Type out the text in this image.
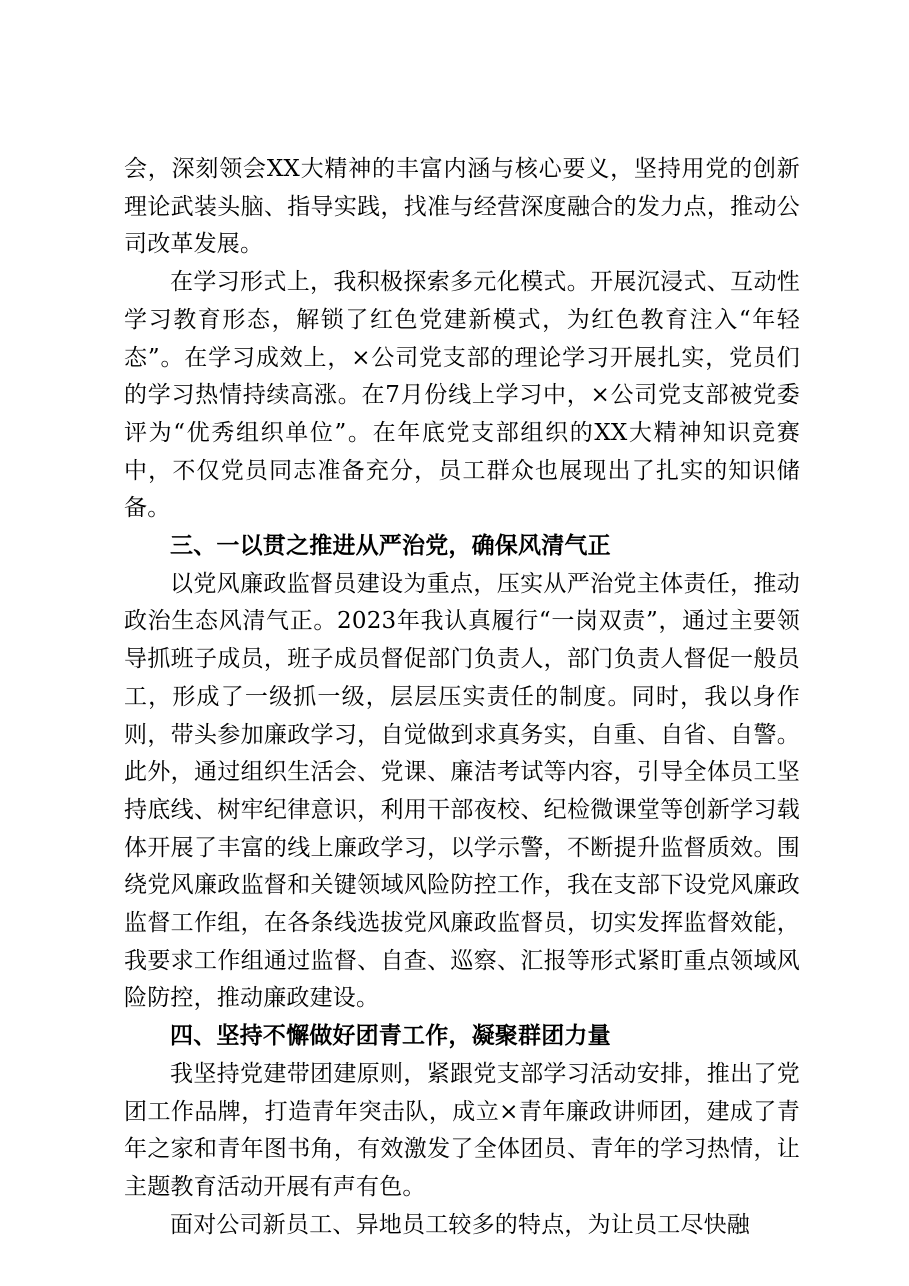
会，深刻领会XX大精神的丰富内涵与核心要义，坚持用党的创新理论武装头脑、指导实践，找准与经营深度融合的发力点，推动公司改革发展。

在学习形式上，我积极探索多元化模式。开展沉浸式、互动性学习教育形态，解锁了红色党建新模式，为红色教育注入“年轻态”。在学习成效上，×公司党支部的理论学习开展扎实，党员们的学习热情持续高涨。在7月份线上学习中，×公司党支部被党委评为“优秀组织单位”。在年底党支部组织的XX大精神知识竞赛中，不仅党员同志准备充分，员工群众也展现出了扎实的知识储备。

三、一以贯之推进从严治党，确保风清气正

以党风廉政监督员建设为重点，压实从严治党主体责任，推动政治生态风清气正。2023年我认真履行“一岗双责”，通过主要领导抓班子成员，班子成员督促部门负责人，部门负责人督促一般员工，形成了一级抓一级，层层压实责任的制度。同时，我以身作则，带头参加廉政学习，自觉做到求真务实，自重、自省、自警。此外，通过组织生活会、党课、廉洁考试等内容，引导全体员工坚持底线、树牢纪律意识，利用干部夜校、纪检微课堂等创新学习载体开展了丰富的线上廉政学习，以学示警，不断提升监督质效。围绕党风廉政监督和关键领域风险防控工作，我在支部下设党风廉政监督工作组，在各条线选拔党风廉政监督员，切实发挥监督效能，我要求工作组通过监督、自查、巡察、汇报等形式紧盯重点领域风险防控，推动廉政建设。

四、坚持不懈做好团青工作，凝聚群团力量

我坚持党建带团建原则，紧跟党支部学习活动安排，推出了党团工作品牌，打造青年突击队，成立×青年廉政讲师团，建成了青年之家和青年图书角，有效激发了全体团员、青年的学习热情，让主题教育活动开展有声有色。

面对公司新员工、异地员工较多的特点，为让员工尽快融
